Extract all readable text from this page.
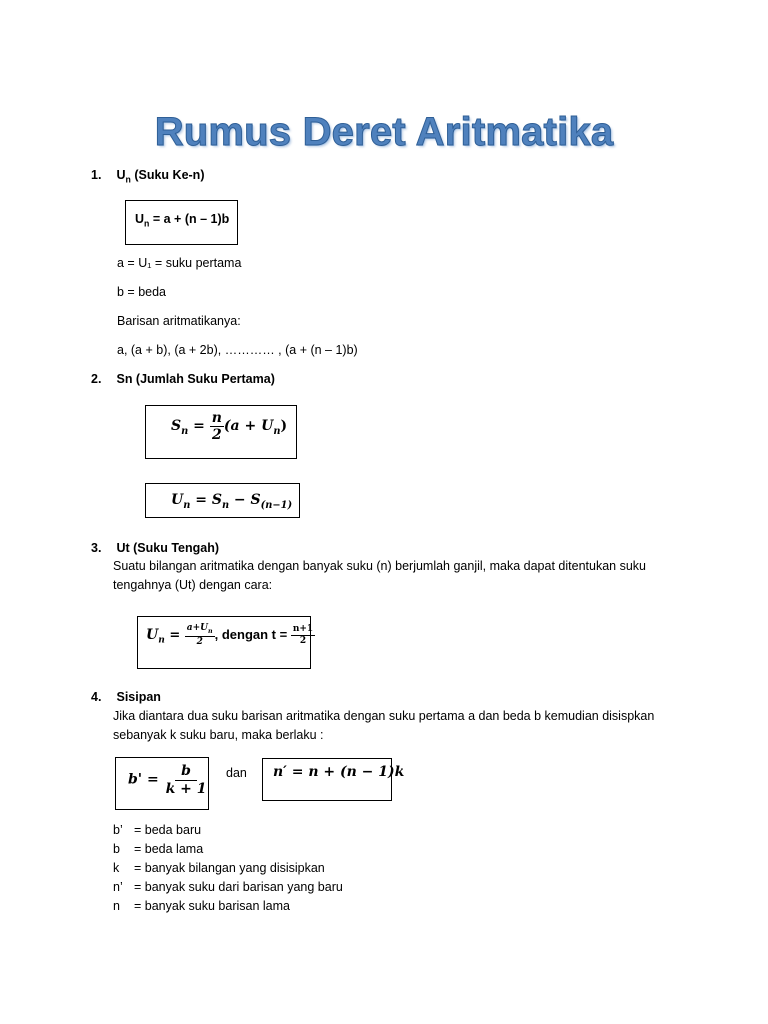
Rumus Deret Aritmatika
1. $U_n$ (Suku Ke-n)
$U_n = a + (n - 1)b$
a = U₁ = suku pertama
b = beda
Barisan aritmatikanya:
a, (a + b), (a + 2b), ………… , (a + (n – 1)b)
2. Sn (Jumlah Suku Pertama)
$S_n = \frac{n}{2} (a + U_n)$
$U_n = S_n - S_{(n-1)}$
3. Ut (Suku Tengah)
Suatu bilangan aritmatika dengan banyak suku (n) berjumlah ganjil, maka dapat ditentukan suku
tengahnya (Ut) dengan cara:
$U_n = \frac{a+U_n}{2}$ , dengan $t = \frac{n+1}{2}$
4. Sisipan
Jika diantara dua suku barisan aritmatika dengan suku pertama a dan beda b kemudian disispkan
sebanyak k suku baru, maka berlaku :
$b' = \frac{b}{k + 1}$ dan n′ = n + (n − 1)k
b’ = beda baru
b = beda lama
k = banyak bilangan yang disisipkan
n’ = banyak suku dari barisan yang baru
n = banyak suku barisan lama
